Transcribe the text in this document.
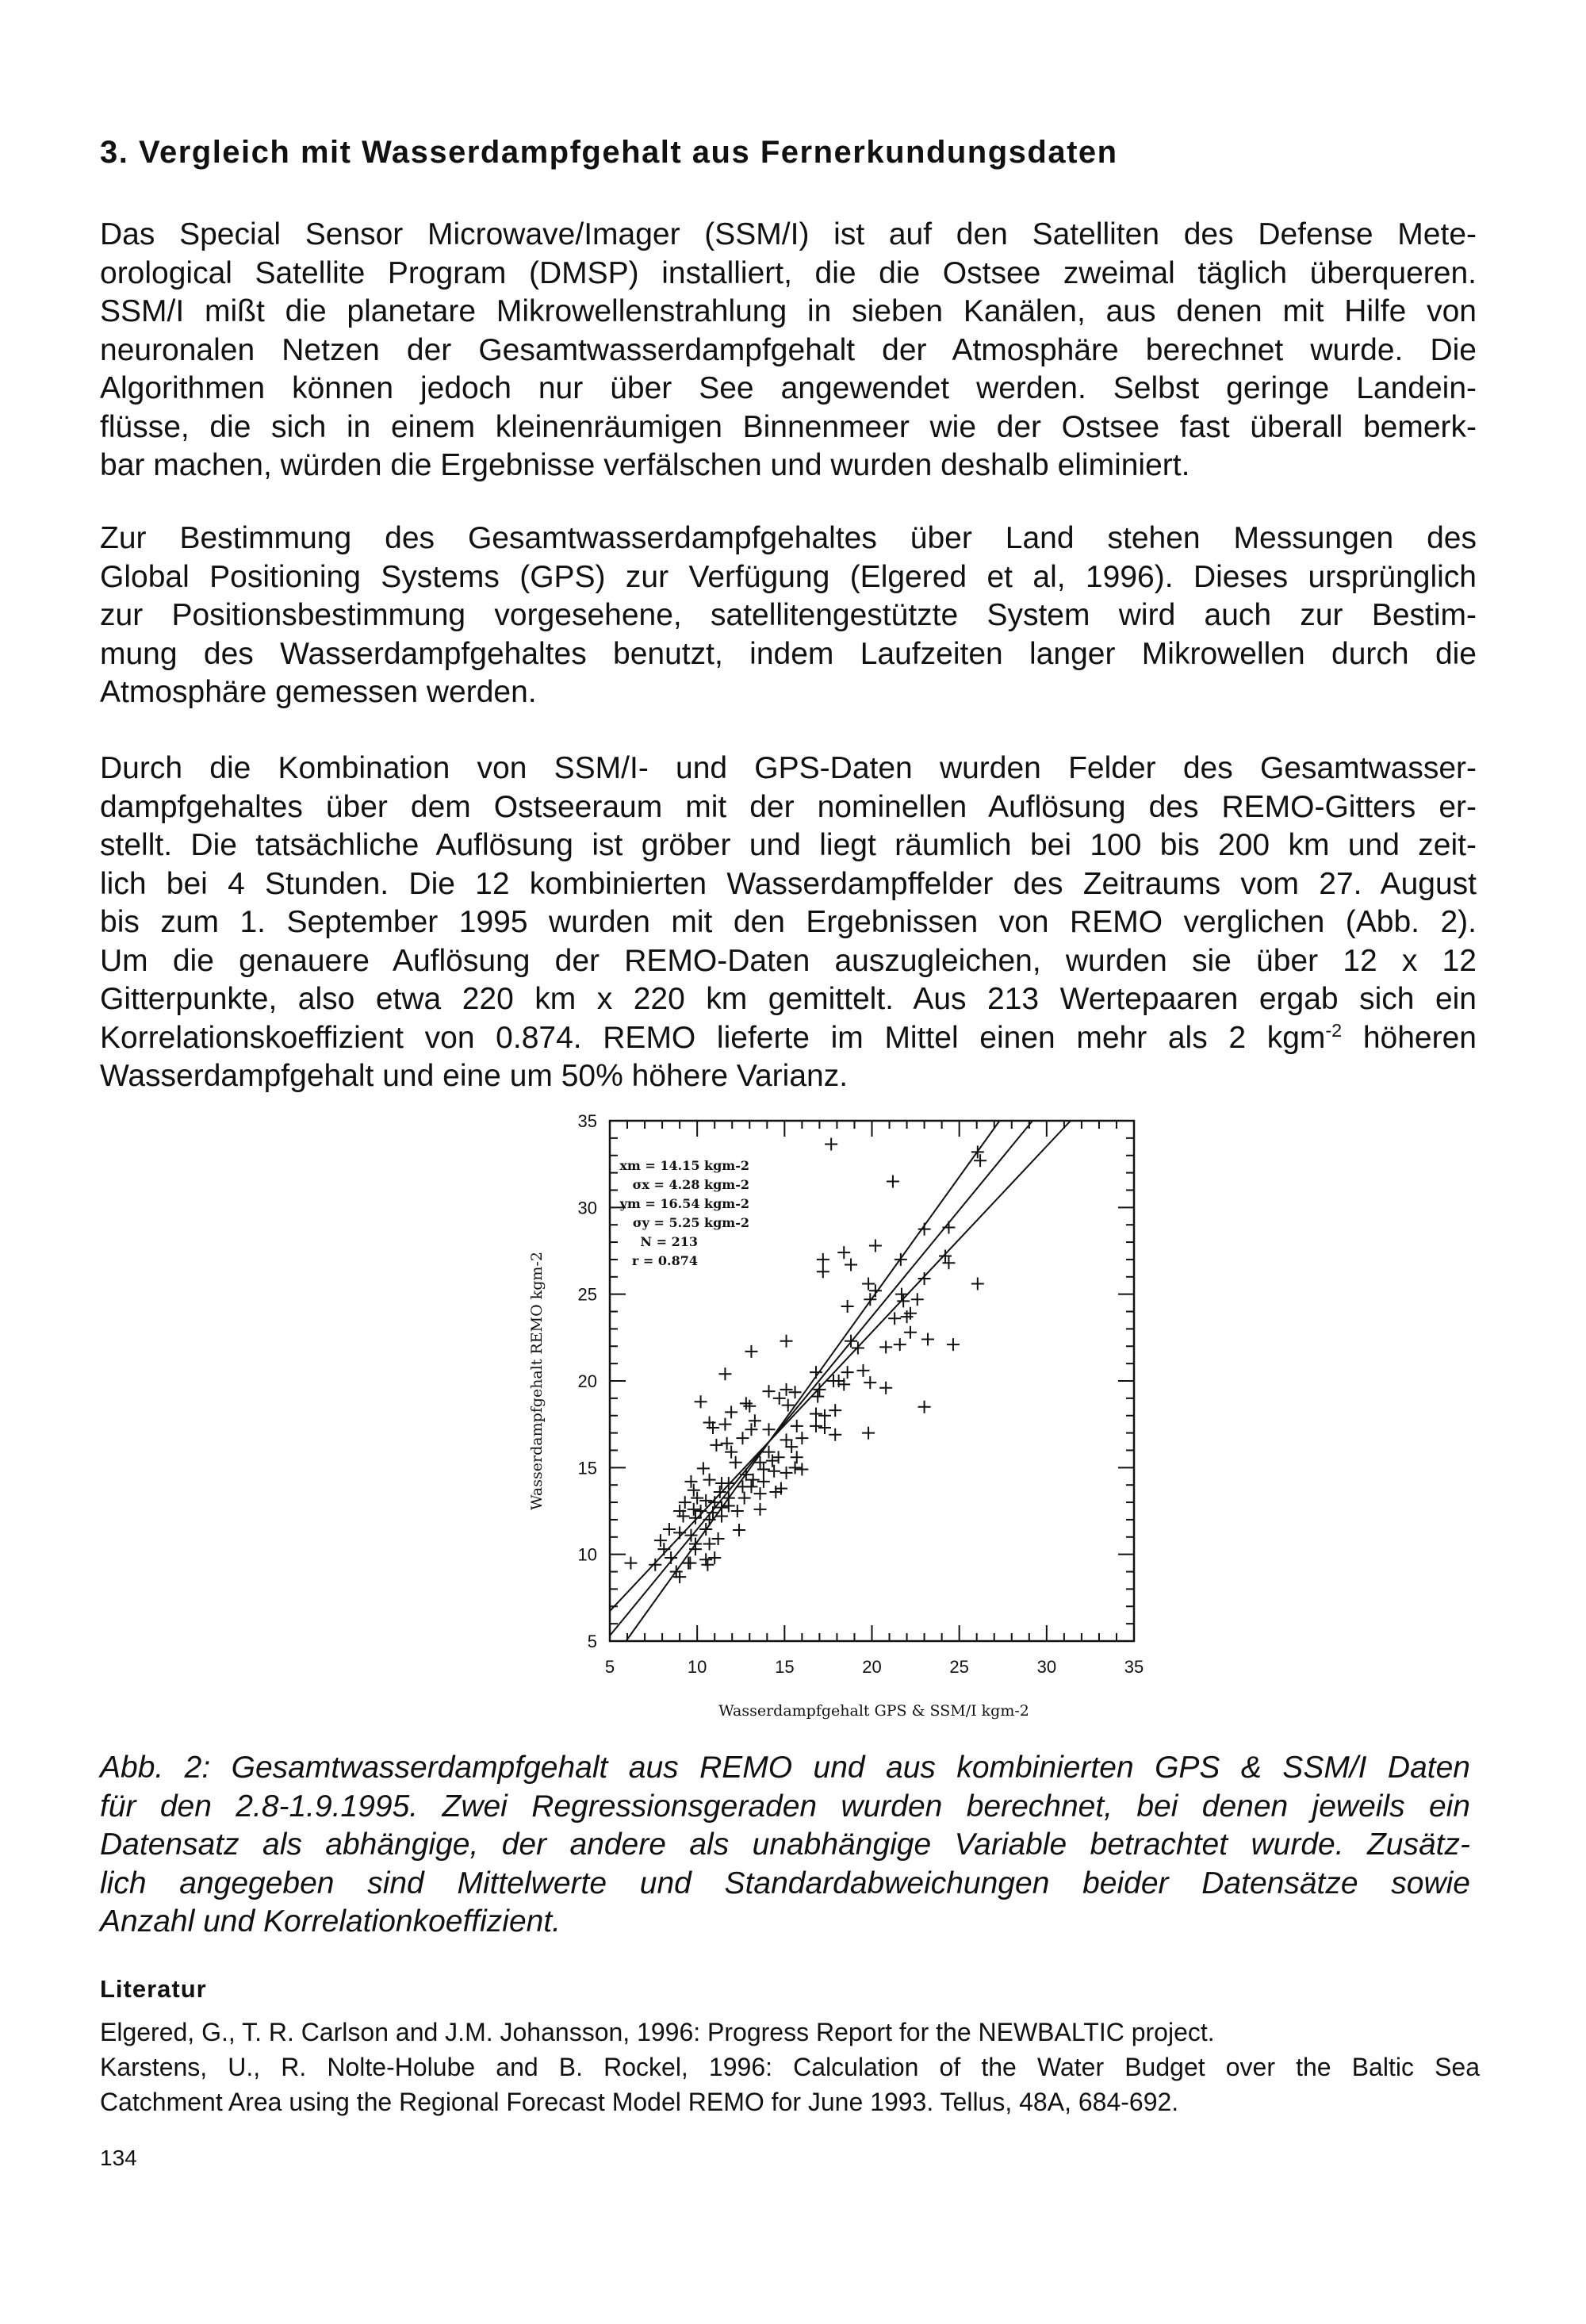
3. Vergleich mit Wasserdampfgehalt aus Fernerkundungsdaten
Das Special Sensor Microwave/Imager (SSM/I) ist auf den Satelliten des Defense Mete-
orological Satellite Program (DMSP) installiert, die die Ostsee zweimal täglich überqueren.
SSM/I mißt die planetare Mikrowellenstrahlung in sieben Kanälen, aus denen mit Hilfe von
neuronalen Netzen der Gesamtwasserdampfgehalt der Atmosphäre berechnet wurde. Die
Algorithmen können jedoch nur über See angewendet werden. Selbst geringe Landein-
flüsse, die sich in einem kleinenräumigen Binnenmeer wie der Ostsee fast überall bemerk-
bar machen, würden die Ergebnisse verfälschen und wurden deshalb eliminiert.
Zur Bestimmung des Gesamtwasserdampfgehaltes über Land stehen Messungen des
Global Positioning Systems (GPS) zur Verfügung (Elgered et al, 1996). Dieses ursprünglich
zur Positionsbestimmung vorgesehene, satellitengestützte System wird auch zur Bestim-
mung des Wasserdampfgehaltes benutzt, indem Laufzeiten langer Mikrowellen durch die
Atmosphäre gemessen werden.
Durch die Kombination von SSM/I- und GPS-Daten wurden Felder des Gesamtwasser-
dampfgehaltes über dem Ostseeraum mit der nominellen Auflösung des REMO-Gitters er-
stellt. Die tatsächliche Auflösung ist gröber und liegt räumlich bei 100 bis 200 km und zeit-
lich bei 4 Stunden. Die 12 kombinierten Wasserdampffelder des Zeitraums vom 27. August
bis zum 1. September 1995 wurden mit den Ergebnissen von REMO verglichen (Abb. 2).
Um die genauere Auflösung der REMO-Daten auszugleichen, wurden sie über 12 x 12
Gitterpunkte, also etwa 220 km x 220 km gemittelt. Aus 213 Wertepaaren ergab sich ein
Korrelationskoeffizient von 0.874. REMO lieferte im Mittel einen mehr als 2 kgm$^{-2}$ höheren
Wasserdampfgehalt und eine um 50% höhere Varianz.
5	10	15	20	25	30	35
5
10
15
20
25
30
35
xm = 14.15 kgm-2
σx = 4.28 kgm-2
ym = 16.54 kgm-2
σy = 5.25 kgm-2
N = 213
r = 0.874
Wasserdampfgehalt GPS & SSM/I kgm-2
Wasserdampfgehalt REMO kgm-2
Abb. 2: Gesamtwasserdampfgehalt aus REMO und aus kombinierten GPS & SSM/I Daten
für den 2.8-1.9.1995. Zwei Regressionsgeraden wurden berechnet, bei denen jeweils ein
Datensatz als abhängige, der andere als unabhängige Variable betrachtet wurde. Zusätz-
lich angegeben sind Mittelwerte und Standardabweichungen beider Datensätze sowie
Anzahl und Korrelationkoeffizient.
Literatur
Elgered, G., T. R. Carlson and J.M. Johansson, 1996: Progress Report for the NEWBALTIC project.
Karstens, U., R. Nolte-Holube and B. Rockel, 1996: Calculation of the Water Budget over the Baltic Sea
Catchment Area using the Regional Forecast Model REMO for June 1993. Tellus, 48A, 684-692.
134
